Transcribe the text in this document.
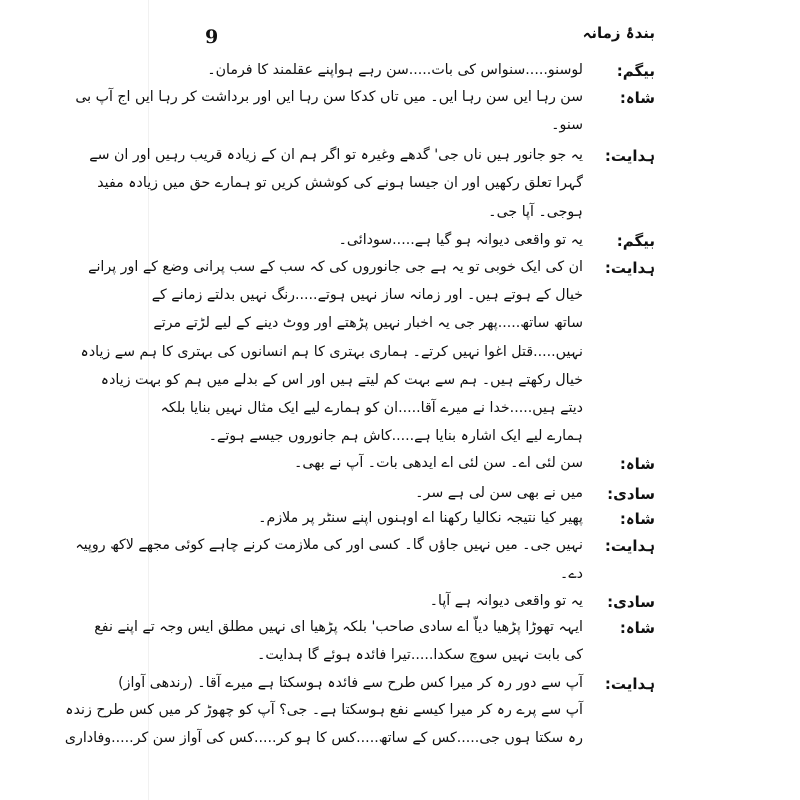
9	بندۂ زمانہ
بیگم:
لوسنو.....سنواس کی بات.....سن رہے ہواپنے عقلمند کا فرمان۔
شاہ:
سن رہا ایں سن رہا ایں۔ میں تاں کدکا سن رہا ایں اور برداشت کر رہا ایں اج آپ بی
سنو۔
ہدایت:
یہ جو جانور ہیں ناں جی' گدھے وغیرہ تو اگر ہم ان کے زیادہ قریب رہیں اور ان سے
گہرا تعلق رکھیں اور ان جیسا ہونے کی کوشش کریں تو ہمارے حق میں زیادہ مفید
ہوجی۔ آپا جی۔
بیگم:
یہ تو واقعی دیوانہ ہو گیا ہے.....سودائی۔
ہدایت:
ان کی ایک خوبی تو یہ ہے جی جانوروں کی کہ سب کے سب پرانی وضع کے اور پرانے
خیال کے ہوتے ہیں۔ اور زمانہ ساز نہیں ہوتے.....رنگ نہیں بدلتے زمانے کے
ساتھ ساتھ.....پھر جی یہ اخبار نہیں پڑھتے اور ووٹ دینے کے لیے لڑتے مرتے
نہیں.....قتل اغوا نہیں کرتے۔ ہماری بہتری کا ہم انسانوں کی بہتری کا ہم سے زیادہ
خیال رکھتے ہیں۔ ہم سے بہت کم لیتے ہیں اور اس کے بدلے میں ہم کو بہت زیادہ
دیتے ہیں.....خدا نے میرے آقا.....ان کو ہمارے لیے ایک مثال نہیں بنایا بلکہ
ہمارے لیے ایک اشارہ بنایا ہے.....کاش ہم جانوروں جیسے ہوتے۔
شاہ:
سن لئی اے۔ سن لئی اے ایدھی بات۔ آپ نے بھی۔
سادی:
میں نے بھی سن لی ہے سر۔
شاہ:
پھیر کیا نتیجہ نکالیا رکھنا اے اوہنوں اپنے سنٹر پر ملازم۔
ہدایت:
نہیں جی۔ میں نہیں جاؤں گا۔ کسی اور کی ملازمت کرنے چاہے کوئی مجھے لاکھ روپیہ
دے۔
سادی:
یہ تو واقعی دیوانہ ہے آپا۔
شاہ:
ایہہ تھوڑا پڑھیا دیاّ اے سادی صاحب' بلکہ پڑھیا ای نہیں مطلق ایس وجہ تے اپنے نفع
کی بابت نہیں سوچ سکدا.....تیرا فائدہ ہوئے گا ہدایت۔
ہدایت:
آپ سے دور رہ کر میرا کس طرح سے فائدہ ہوسکتا ہے میرے آقا۔ (رندھی آواز)
آپ سے پرے رہ کر میرا کیسے نفع ہوسکتا ہے۔ جی؟ آپ کو چھوڑ کر میں کس طرح زندہ
رہ سکتا ہوں جی.....کس کے ساتھ.....کس کا ہو کر.....کس کی آواز سن کر.....وفاداری
